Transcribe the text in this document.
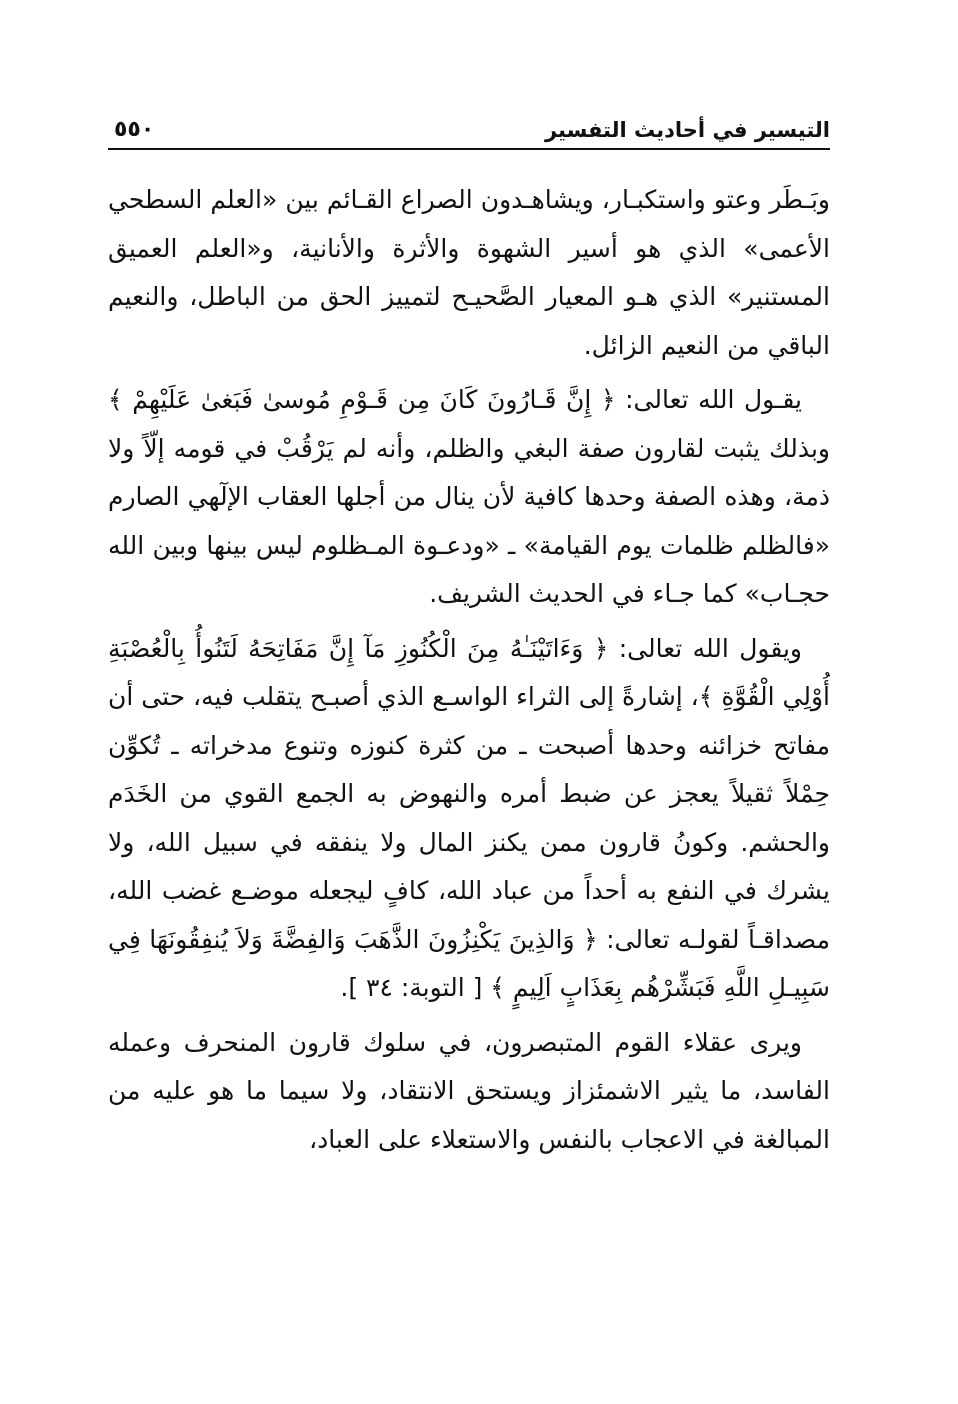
التيسير في أحاديث التفسير
٥٥٠

وبَـطَر وعتو واستكبـار، ويشاهـدون الصراع القـائم بين «العلم السطحي الأعمى» الذي هو أسير الشهوة والأثرة والأنانية، و«العلم العميق المستنير» الذي هـو المعيار الصَّحيـح لتمييز الحق من الباطل، والنعيم الباقي من النعيم الزائل.

يقـول الله تعالى: ﴿ إِنَّ قَـارُونَ كَانَ مِن قَـوْمِ مُوسىٰ فَبَغىٰ عَلَيْهِمْ ﴾ وبذلك يثبت لقارون صفة البغي والظلم، وأنه لم يَرْقُبْ في قومه إلّاً ولا ذمة، وهذه الصفة وحدها كافية لأن ينال من أجلها العقاب الإلٓهي الصارم «فالظلم ظلمات يوم القيامة» ـ «ودعـوة المـظلوم ليس بينها وبين الله حجـاب» كما جـاء في الحديث الشريف.

ويقول الله تعالى: ﴿ وَءَاتَيْنَـٰهُ مِنَ الْكُنُوزِ مَآ إِنَّ مَفَاتِحَهُ لَتَنُوأُ بِالْعُصْبَةِ أُوْلِي الْقُوَّةِ ﴾، إشارةً إلى الثراء الواسـع الذي أصبـح يتقلب فيه، حتى أن مفاتح خزائنه وحدها أصبحت ـ من كثرة كنوزه وتنوع مدخراته ـ تُكوِّن حِمْلاً ثقيلاً يعجز عن ضبط أمره والنهوض به الجمع القوي من الخَدَم والحشم. وكونُ قارون ممن يكنز المال ولا ينفقه في سبيل الله، ولا يشرك في النفع به أحداً من عباد الله، كافٍ ليجعله موضـع غضب الله، مصداقـاً لقولـه تعالى: ﴿ وَالذِينَ يَكْنِزُونَ الذَّهَبَ وَالفِضَّةَ وَلاَ يُنفِقُونَهَا فِي سَبِيـلِ اللَّهِ فَبَشِّرْهُم بِعَذَابٍ اَلِيمٍ ﴾ [ التوبة: ٣٤ ].

ويرى عقلاء القوم المتبصرون، في سلوك قارون المنحرف وعمله الفاسد، ما يثير الاشمئزاز ويستحق الانتقاد، ولا سيما ما هو عليه من المبالغة في الاعجاب بالنفس والاستعلاء على العباد،
